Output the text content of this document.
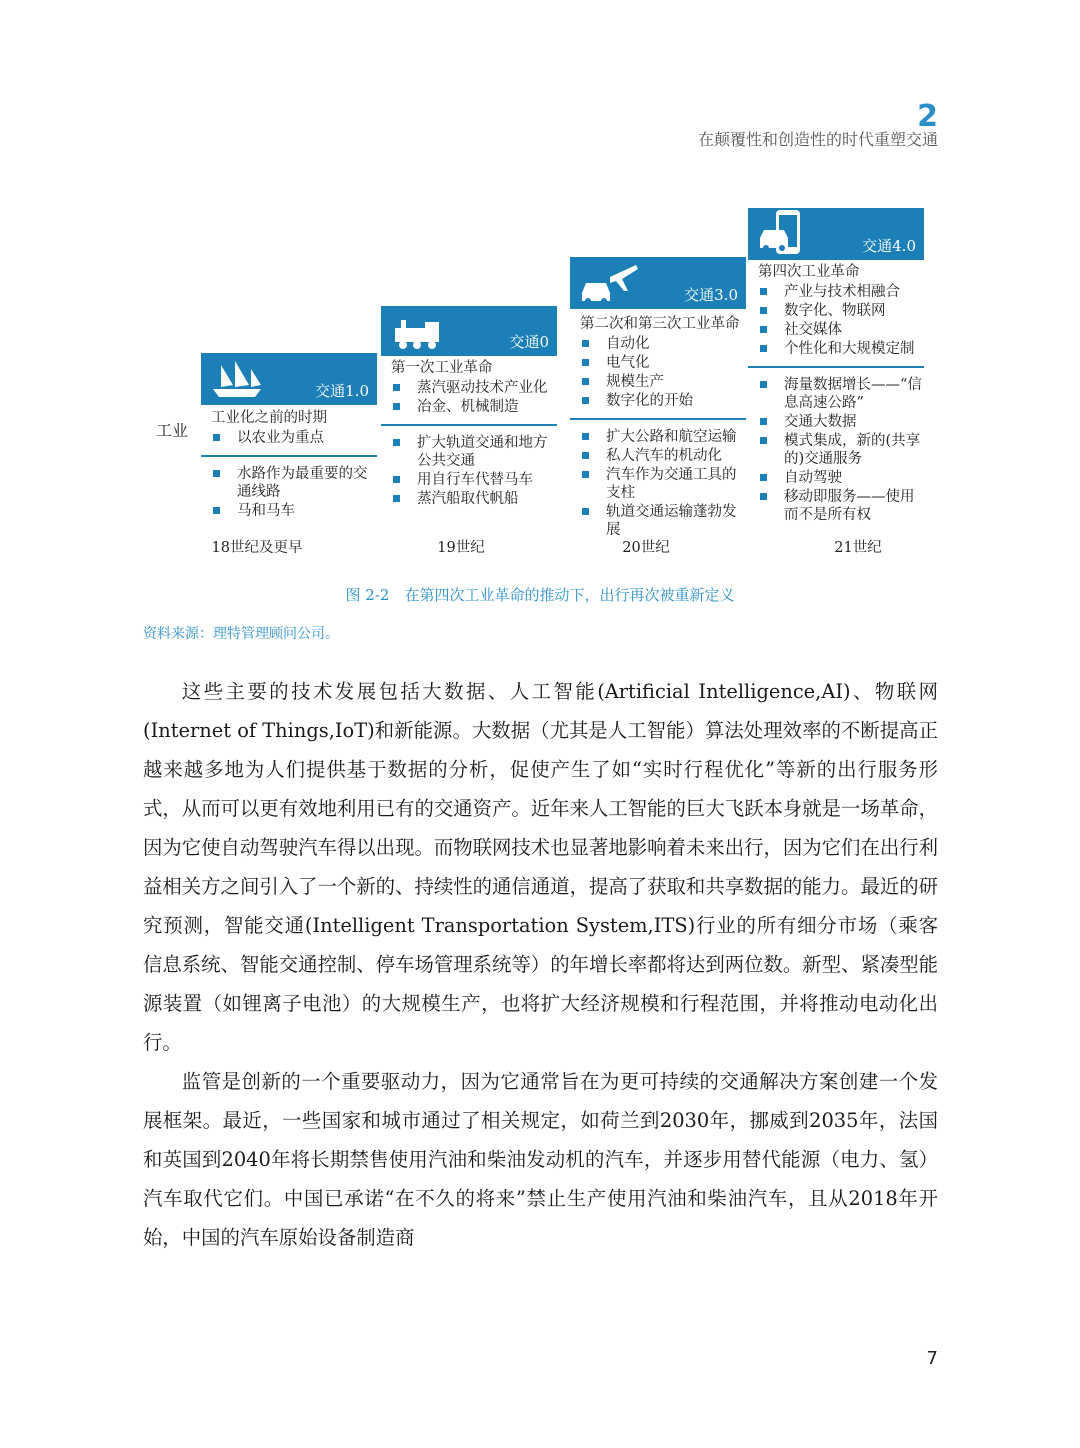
2
在颠覆性和创造性的时代重塑交通
工业
交通1.0
工业化之前的时期
以农业为重点
水路作为最重要的交通线路
马和马车
交通0
第一次工业革命
蒸汽驱动技术产业化
冶金、机械制造
扩大轨道交通和地方公共交通
用自行车代替马车
蒸汽船取代帆船
交通3.0
第二次和第三次工业革命
自动化
电气化
规模生产
数字化的开始
扩大公路和航空运输
私人汽车的机动化
汽车作为交通工具的支柱
轨道交通运输蓬勃发展
交通4.0
第四次工业革命
产业与技术相融合
数字化、物联网
社交媒体
个性化和大规模定制
海量数据增长——“信息高速公路”
交通大数据
模式集成，新的(共享的)交通服务
自动驾驶
移动即服务——使用而不是所有权
18世纪及更早	19世纪	20世纪	21世纪
图 2-2　在第四次工业革命的推动下，出行再次被重新定义
资料来源：理特管理顾问公司。

这些主要的技术发展包括大数据、人工智能(Artificial Intelligence,AI)、物联网(Internet of Things,IoT)和新能源。大数据（尤其是人工智能）算法处理效率的不断提高正越来越多地为人们提供基于数据的分析，促使产生了如“实时行程优化”等新的出行服务形式，从而可以更有效地利用已有的交通资产。近年来人工智能的巨大飞跃本身就是一场革命，因为它使自动驾驶汽车得以出现。而物联网技术也显著地影响着未来出行，因为它们在出行利益相关方之间引入了一个新的、持续性的通信通道，提高了获取和共享数据的能力。最近的研究预测，智能交通(Intelligent Transportation System,ITS)行业的所有细分市场（乘客信息系统、智能交通控制、停车场管理系统等）的年增长率都将达到两位数。新型、紧凑型能源装置（如锂离子电池）的大规模生产，也将扩大经济规模和行程范围，并将推动电动化出行。

监管是创新的一个重要驱动力，因为它通常旨在为更可持续的交通解决方案创建一个发展框架。最近，一些国家和城市通过了相关规定，如荷兰到2030年，挪威到2035年，法国和英国到2040年将长期禁售使用汽油和柴油发动机的汽车，并逐步用替代能源（电力、氢）汽车取代它们。中国已承诺“在不久的将来”禁止生产使用汽油和柴油汽车，且从2018年开始，中国的汽车原始设备制造商

7
